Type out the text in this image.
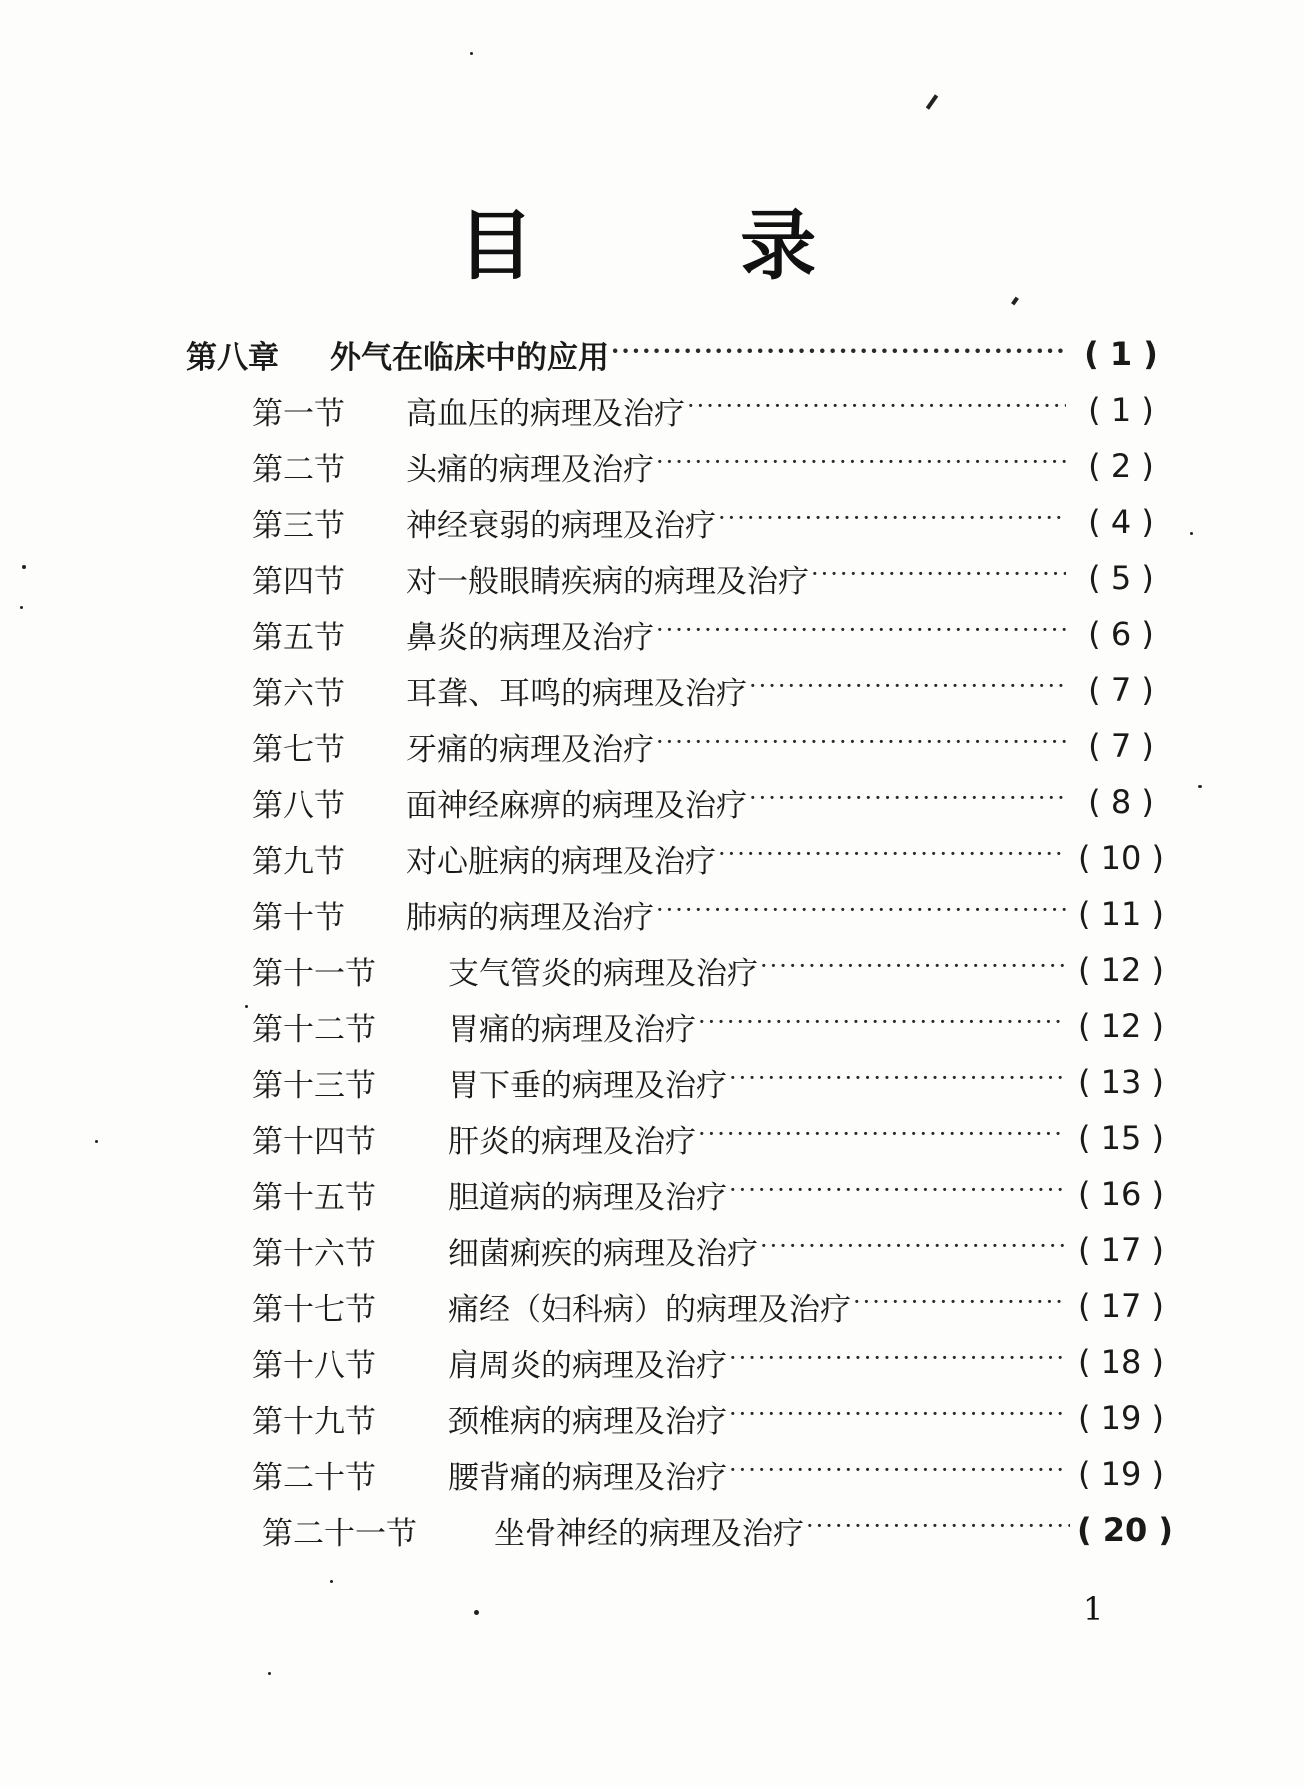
目 录
第八章	外气在临床中的应用 ·····	( 1 )
第一节	高血压的病理及治疗 ·····	( 1 )
第二节	头痛的病理及治疗 ·····	( 2 )
第三节	神经衰弱的病理及治疗 ·····	( 4 )
第四节	对一般眼睛疾病的病理及治疗 ·····	( 5 )
第五节	鼻炎的病理及治疗 ·····	( 6 )
第六节	耳聋、耳鸣的病理及治疗 ·····	( 7 )
第七节	牙痛的病理及治疗 ·····	( 7 )
第八节	面神经麻痹的病理及治疗 ·····	( 8 )
第九节	对心脏病的病理及治疗 ·····	( 10 )
第十节	肺病的病理及治疗 ·····	( 11 )
第十一节	支气管炎的病理及治疗 ·····	( 12 )
第十二节	胃痛的病理及治疗 ·····	( 12 )
第十三节	胃下垂的病理及治疗 ·····	( 13 )
第十四节	肝炎的病理及治疗 ·····	( 15 )
第十五节	胆道病的病理及治疗 ·····	( 16 )
第十六节	细菌痢疾的病理及治疗 ·····	( 17 )
第十七节	痛经（妇科病）的病理及治疗 ·····	( 17 )
第十八节	肩周炎的病理及治疗 ·····	( 18 )
第十九节	颈椎病的病理及治疗 ·····	( 19 )
第二十节	腰背痛的病理及治疗 ·····	( 19 )
第二十一节	坐骨神经的病理及治疗 ·····	( 20 )
1
